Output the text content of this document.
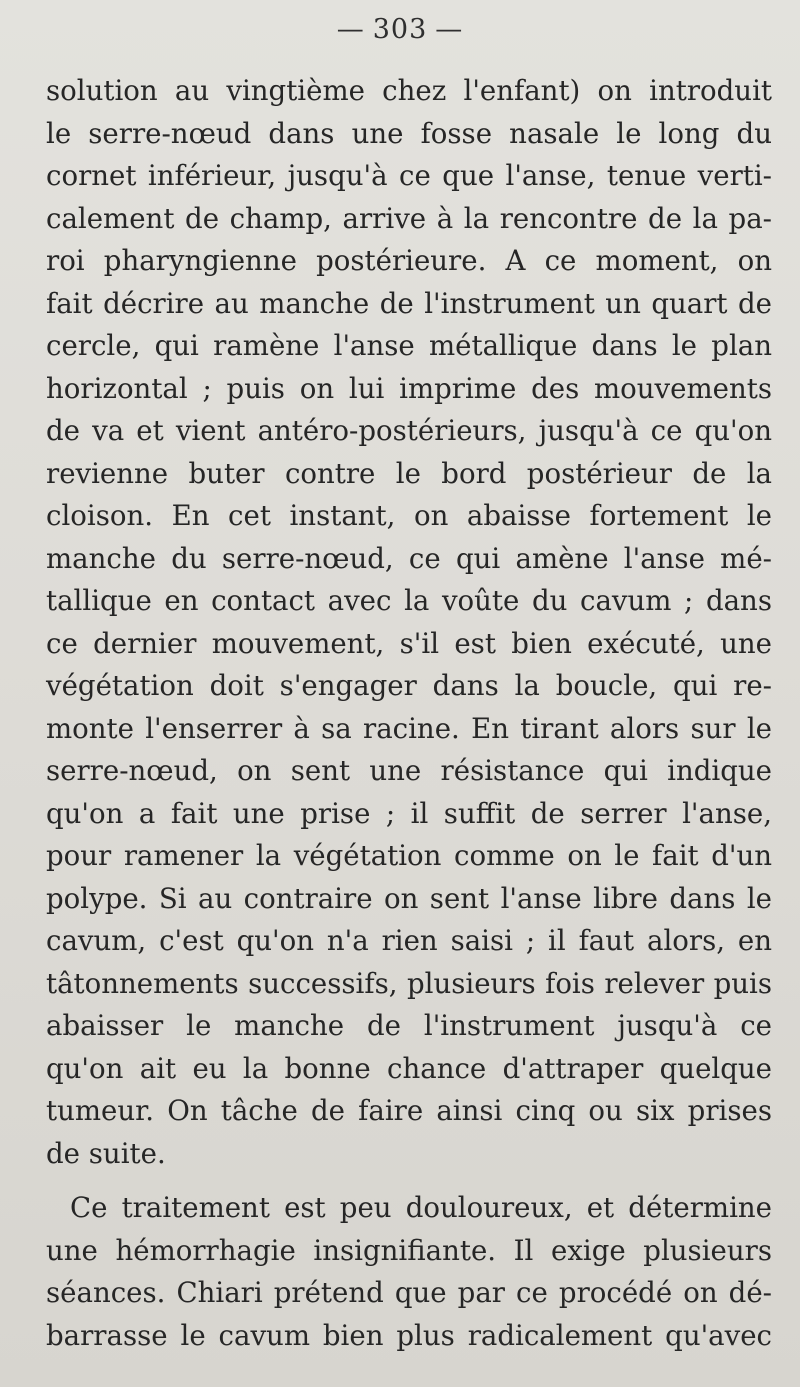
— 303 —
solution au vingtième chez l'enfant) on introduit
le serre-nœud dans une fosse nasale le long du
cornet inférieur, jusqu'à ce que l'anse, tenue verti-
calement de champ, arrive à la rencontre de la pa-
roi pharyngienne postérieure. A ce moment, on
fait décrire au manche de l'instrument un quart de
cercle, qui ramène l'anse métallique dans le plan
horizontal ; puis on lui imprime des mouvements
de va et vient antéro-postérieurs, jusqu'à ce qu'on
revienne buter contre le bord postérieur de la
cloison. En cet instant, on abaisse fortement le
manche du serre-nœud, ce qui amène l'anse mé-
tallique en contact avec la voûte du cavum ; dans
ce dernier mouvement, s'il est bien exécuté, une
végétation doit s'engager dans la boucle, qui re-
monte l'enserrer à sa racine. En tirant alors sur le
serre-nœud, on sent une résistance qui indique
qu'on a fait une prise ; il suffit de serrer l'anse,
pour ramener la végétation comme on le fait d'un
polype. Si au contraire on sent l'anse libre dans le
cavum, c'est qu'on n'a rien saisi ; il faut alors, en
tâtonnements successifs, plusieurs fois relever puis
abaisser le manche de l'instrument jusqu'à ce
qu'on ait eu la bonne chance d'attraper quelque
tumeur. On tâche de faire ainsi cinq ou six prises
de suite.
Ce traitement est peu douloureux, et détermine
une hémorrhagie insignifiante. Il exige plusieurs
séances. Chiari prétend que par ce procédé on dé-
barrasse le cavum bien plus radicalement qu'avec
